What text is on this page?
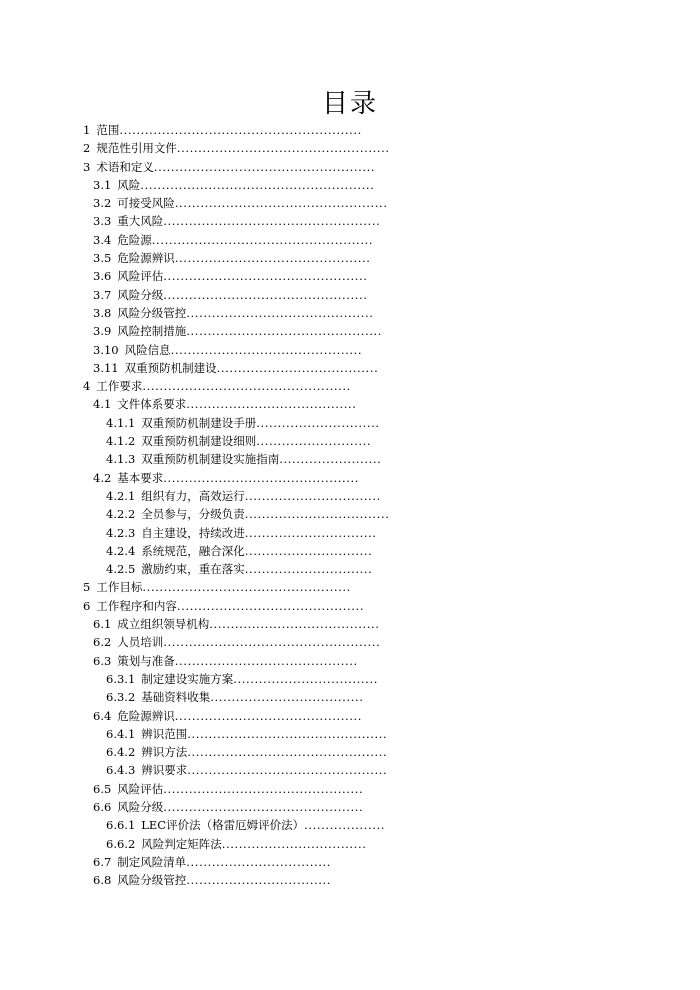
目录
1 范围.........................................................
2 规范性引用文件..................................................
3 术语和定义....................................................
3.1 风险.......................................................
3.2 可接受风险..................................................
3.3 重大风险...................................................
3.4 危险源....................................................
3.5 危险源辨识..............................................
3.6 风险评估................................................
3.7 风险分级................................................
3.8 风险分级管控............................................
3.9 风险控制措施..............................................
3.10 风险信息.............................................
3.11 双重预防机制建设......................................
4 工作要求.................................................
4.1 文件体系要求........................................
4.1.1 双重预防机制建设手册.............................
4.1.2 双重预防机制建设细则...........................
4.1.3 双重预防机制建设实施指南........................
4.2 基本要求..............................................
4.2.1 组织有力，高效运行................................
4.2.2 全员参与，分级负责..................................
4.2.3 自主建设，持续改进...............................
4.2.4 系统规范，融合深化..............................
4.2.5 激励约束，重在落实..............................
5 工作目标.................................................
6 工作程序和内容............................................
6.1 成立组织领导机构........................................
6.2 人员培训...................................................
6.3 策划与准备...........................................
6.3.1 制定建设实施方案..................................
6.3.2 基础资料收集....................................
6.4 危险源辨识............................................
6.4.1 辨识范围...............................................
6.4.2 辨识方法...............................................
6.4.3 辨识要求...............................................
6.5 风险评估...............................................
6.6 风险分级...............................................
6.6.1 LEC评价法（格雷厄姆评价法）...................
6.6.2 风险判定矩阵法..................................
6.7 制定风险清单..................................
6.8 风险分级管控..................................
